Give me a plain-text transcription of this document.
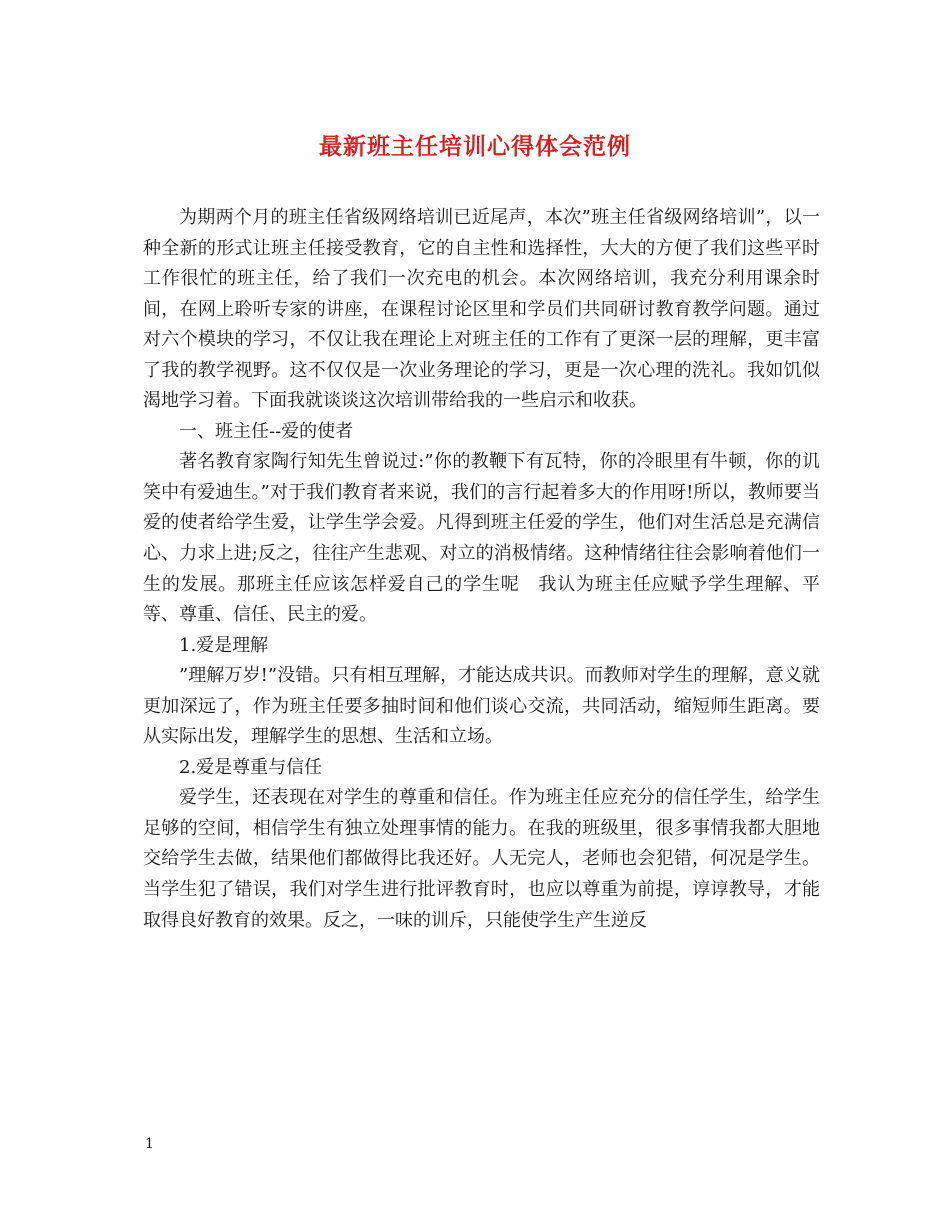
最新班主任培训心得体会范例

为期两个月的班主任省级网络培训已近尾声，本次”班主任省级网络培训”，以一种全新的形式让班主任接受教育，它的自主性和选择性，大大的方便了我们这些平时工作很忙的班主任，给了我们一次充电的机会。本次网络培训，我充分利用课余时间，在网上聆听专家的讲座，在课程讨论区里和学员们共同研讨教育教学问题。通过对六个模块的学习，不仅让我在理论上对班主任的工作有了更深一层的理解，更丰富了我的教学视野。这不仅仅是一次业务理论的学习，更是一次心理的洗礼。我如饥似渴地学习着。下面我就谈谈这次培训带给我的一些启示和收获。

一、班主任--爱的使者

著名教育家陶行知先生曾说过:”你的教鞭下有瓦特，你的冷眼里有牛顿，你的讥笑中有爱迪生。”对于我们教育者来说，我们的言行起着多大的作用呀!所以，教师要当爱的使者给学生爱，让学生学会爱。凡得到班主任爱的学生，他们对生活总是充满信心、力求上进;反之，往往产生悲观、对立的消极情绪。这种情绪往往会影响着他们一生的发展。那班主任应该怎样爱自己的学生呢　我认为班主任应赋予学生理解、平等、尊重、信任、民主的爱。

1.爱是理解

”理解万岁!”没错。只有相互理解，才能达成共识。而教师对学生的理解，意义就更加深远了，作为班主任要多抽时间和他们谈心交流，共同活动，缩短师生距离。要从实际出发，理解学生的思想、生活和立场。

2.爱是尊重与信任

爱学生，还表现在对学生的尊重和信任。作为班主任应充分的信任学生，给学生足够的空间，相信学生有独立处理事情的能力。在我的班级里，很多事情我都大胆地交给学生去做，结果他们都做得比我还好。人无完人，老师也会犯错，何况是学生。当学生犯了错误，我们对学生进行批评教育时，也应以尊重为前提，谆谆教导，才能取得良好教育的效果。反之，一味的训斥，只能使学生产生逆反

1
